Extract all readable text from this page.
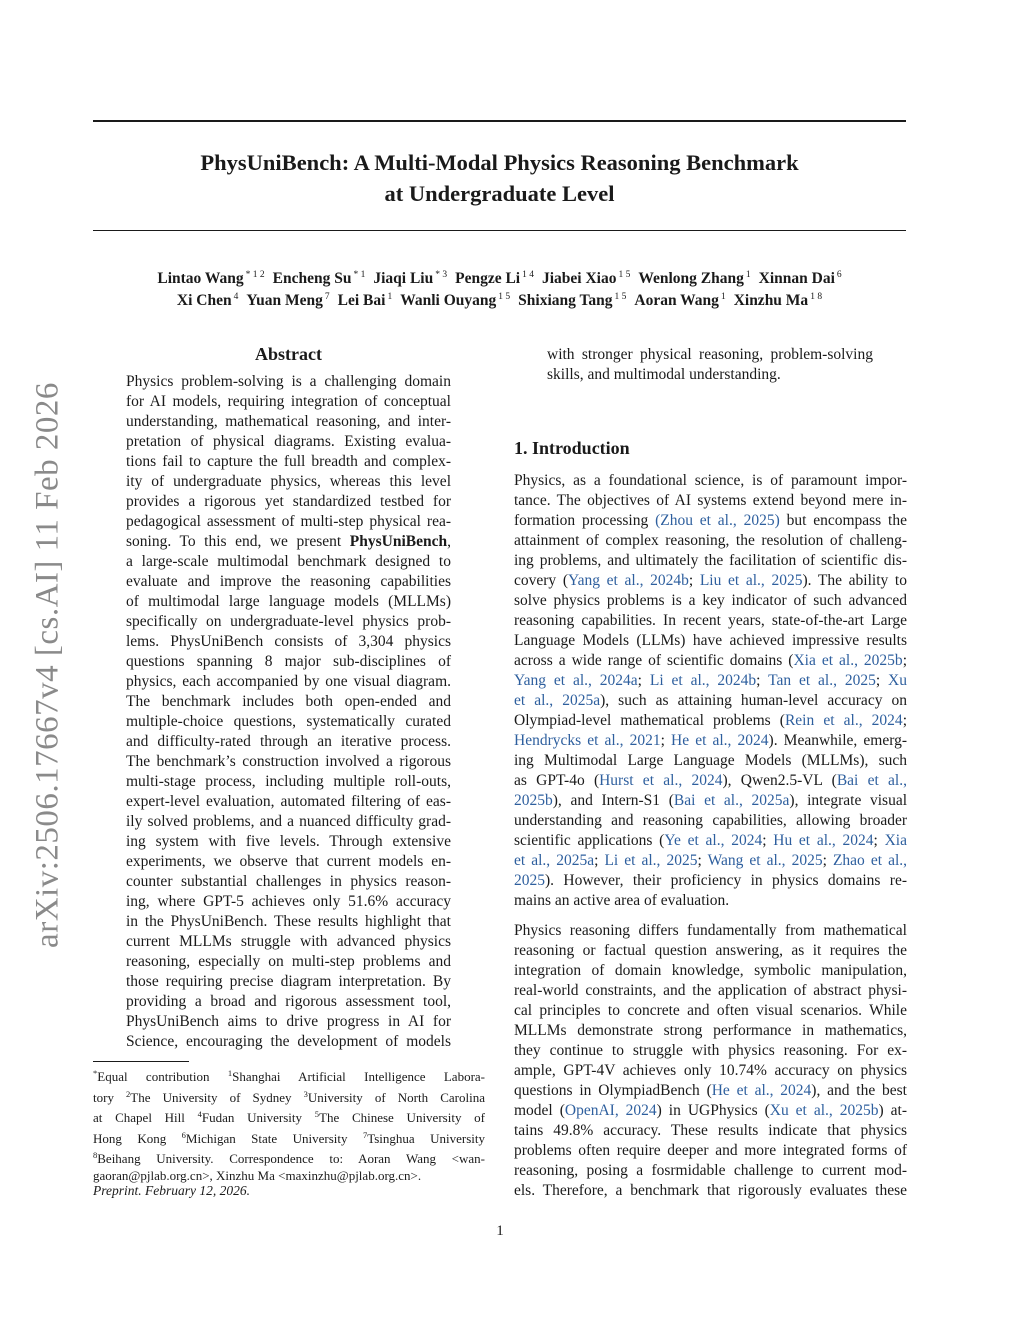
PhysUniBench: A Multi-Modal Physics Reasoning Benchmark
at Undergraduate Level
Lintao Wang $^{* 1 2}$ Encheng Su $^{* 1}$ Jiaqi Liu $^{* 3}$ Pengze Li $^{1 4}$ Jiabei Xiao $^{1 5}$ Wenlong Zhang $^1$ Xinnan Dai $^6$
Xi Chen $^4$ Yuan Meng $^7$ Lei Bai $^1$ Wanli Ouyang $^{1 5}$ Shixiang Tang $^{1 5}$ Aoran Wang $^1$ Xinzhu Ma $^{1 8}$
arXiv:2506.17667v4 [cs.AI] 11 Feb 2026
Abstract
Physics problem-solving is a challenging domain
for AI models, requiring integration of conceptual
understanding, mathematical reasoning, and inter-
pretation of physical diagrams. Existing evalua-
tions fail to capture the full breadth and complex-
ity of undergraduate physics, whereas this level
provides a rigorous yet standardized testbed for
pedagogical assessment of multi-step physical rea-
soning. To this end, we present PhysUniBench,
a large-scale multimodal benchmark designed to
evaluate and improve the reasoning capabilities
of multimodal large language models (MLLMs)
specifically on undergraduate-level physics prob-
lems. PhysUniBench consists of 3,304 physics
questions spanning 8 major sub-disciplines of
physics, each accompanied by one visual diagram.
The benchmark includes both open-ended and
multiple-choice questions, systematically curated
and difficulty-rated through an iterative process.
The benchmark’s construction involved a rigorous
multi-stage process, including multiple roll-outs,
expert-level evaluation, automated filtering of eas-
ily solved problems, and a nuanced difficulty grad-
ing system with five levels. Through extensive
experiments, we observe that current models en-
counter substantial challenges in physics reason-
ing, where GPT-5 achieves only 51.6% accuracy
in the PhysUniBench. These results highlight that
current MLLMs struggle with advanced physics
reasoning, especially on multi-step problems and
those requiring precise diagram interpretation. By
providing a broad and rigorous assessment tool,
PhysUniBench aims to drive progress in AI for
Science, encouraging the development of models
with stronger physical reasoning, problem-solving
skills, and multimodal understanding.
1. Introduction
Physics, as a foundational science, is of paramount impor-
tance. The objectives of AI systems extend beyond mere in-
formation processing (Zhou et al., 2025) but encompass the
attainment of complex reasoning, the resolution of challeng-
ing problems, and ultimately the facilitation of scientific dis-
covery (Yang et al., 2024b; Liu et al., 2025). The ability to
solve physics problems is a key indicator of such advanced
reasoning capabilities. In recent years, state-of-the-art Large
Language Models (LLMs) have achieved impressive results
across a wide range of scientific domains (Xia et al., 2025b;
Yang et al., 2024a; Li et al., 2024b; Tan et al., 2025; Xu
et al., 2025a), such as attaining human-level accuracy on
Olympiad-level mathematical problems (Rein et al., 2024;
Hendrycks et al., 2021; He et al., 2024). Meanwhile, emerg-
ing Multimodal Large Language Models (MLLMs), such
as GPT-4o (Hurst et al., 2024), Qwen2.5-VL (Bai et al.,
2025b), and Intern-S1 (Bai et al., 2025a), integrate visual
understanding and reasoning capabilities, allowing broader
scientific applications (Ye et al., 2024; Hu et al., 2024; Xia
et al., 2025a; Li et al., 2025; Wang et al., 2025; Zhao et al.,
2025). However, their proficiency in physics domains re-
mains an active area of evaluation.
Physics reasoning differs fundamentally from mathematical
reasoning or factual question answering, as it requires the
integration of domain knowledge, symbolic manipulation,
real-world constraints, and the application of abstract physi-
cal principles to concrete and often visual scenarios. While
MLLMs demonstrate strong performance in mathematics,
they continue to struggle with physics reasoning. For ex-
ample, GPT-4V achieves only 10.74% accuracy on physics
questions in OlympiadBench (He et al., 2024), and the best
model (OpenAI, 2024) in UGPhysics (Xu et al., 2025b) at-
tains 49.8% accuracy. These results indicate that physics
problems often require deeper and more integrated forms of
reasoning, posing a fosrmidable challenge to current mod-
els. Therefore, a benchmark that rigorously evaluates these
*Equal contribution $^1$Shanghai Artificial Intelligence Labora-
tory $^2$The University of Sydney $^3$University of North Carolina
at Chapel Hill $^4$Fudan University $^5$The Chinese University of
Hong Kong $^6$Michigan State University $^7$Tsinghua University
$^8$Beihang University. Correspondence to: Aoran Wang <wan-
gaoran@pjlab.org.cn>, Xinzhu Ma <maxinzhu@pjlab.org.cn>.
Preprint. February 12, 2026.
1
